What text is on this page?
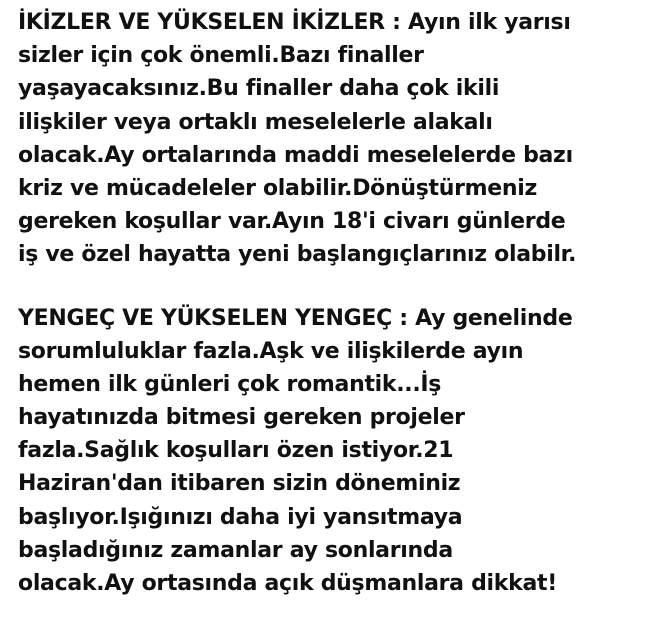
İKİZLER VE YÜKSELEN İKİZLER : Ayın ilk yarısı
sizler için çok önemli.Bazı finaller
yaşayacaksınız.Bu finaller daha çok ikili
ilişkiler veya ortaklı meselelerle alakalı
olacak.Ay ortalarında maddi meselelerde bazı
kriz ve mücadeleler olabilir.Dönüştürmeniz
gereken koşullar var.Ayın 18'i civarı günlerde
iş ve özel hayatta yeni başlangıçlarınız olabilr.
YENGEÇ VE YÜKSELEN YENGEÇ : Ay genelinde
sorumluluklar fazla.Aşk ve ilişkilerde ayın
hemen ilk günleri çok romantik...İş
hayatınızda bitmesi gereken projeler
fazla.Sağlık koşulları özen istiyor.21
Haziran'dan itibaren sizin döneminiz
başlıyor.Işığınızı daha iyi yansıtmaya
başladığınız zamanlar ay sonlarında
olacak.Ay ortasında açık düşmanlara dikkat!
